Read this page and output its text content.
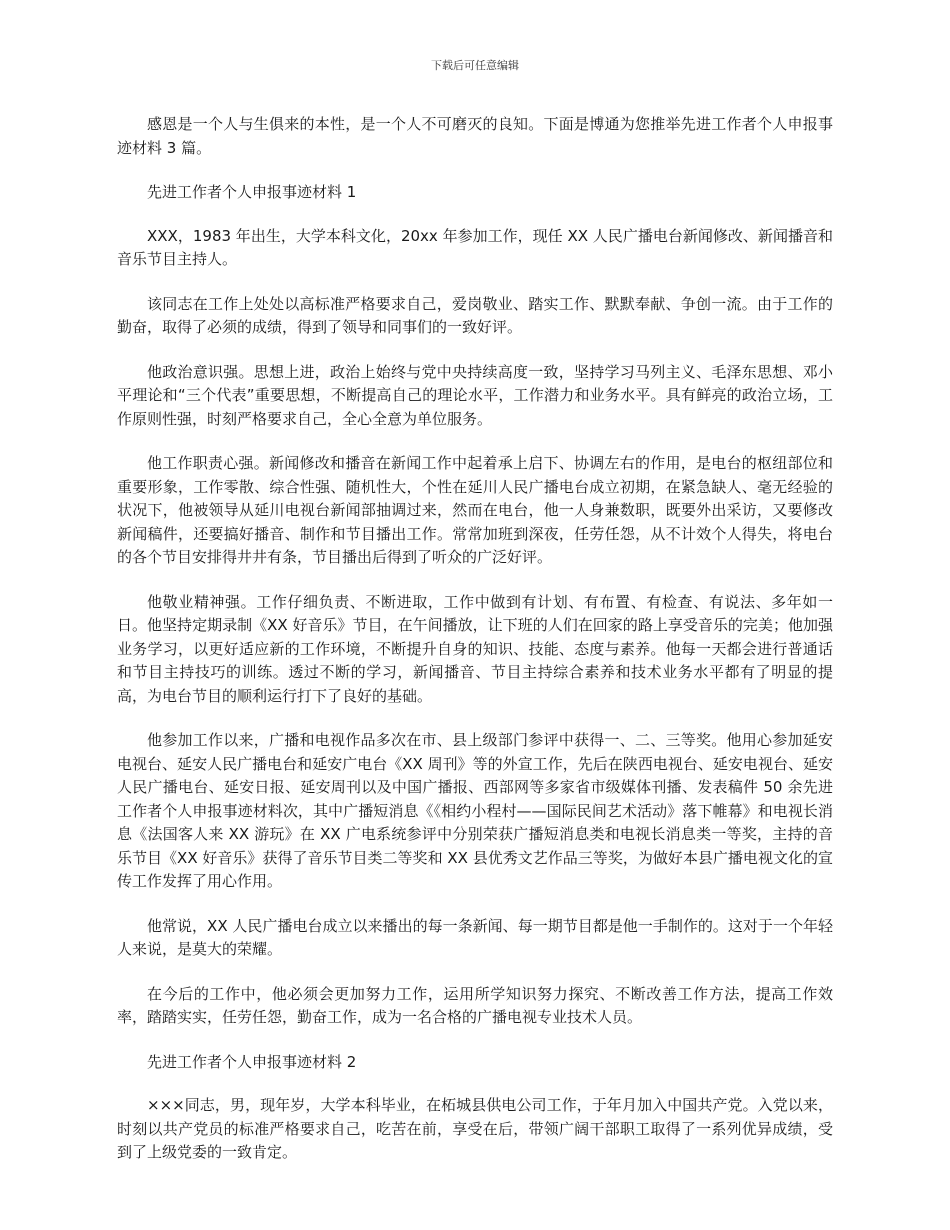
下载后可任意编辑

感恩是一个人与生俱来的本性，是一个人不可磨灭的良知。下面是博通为您推举先进工作者个人申报事迹材料 3 篇。

先进工作者个人申报事迹材料 1

XXX，1983 年出生，大学本科文化，20xx 年参加工作，现任 XX 人民广播电台新闻修改、新闻播音和音乐节目主持人。

该同志在工作上处处以高标准严格要求自己，爱岗敬业、踏实工作、默默奉献、争创一流。由于工作的勤奋，取得了必须的成绩，得到了领导和同事们的一致好评。

他政治意识强。思想上进，政治上始终与党中央持续高度一致，坚持学习马列主义、毛泽东思想、邓小平理论和“三个代表”重要思想，不断提高自己的理论水平，工作潜力和业务水平。具有鲜亮的政治立场，工作原则性强，时刻严格要求自己，全心全意为单位服务。

他工作职责心强。新闻修改和播音在新闻工作中起着承上启下、协调左右的作用，是电台的枢纽部位和重要形象，工作零散、综合性强、随机性大，个性在延川人民广播电台成立初期，在紧急缺人、毫无经验的状况下，他被领导从延川电视台新闻部抽调过来，然而在电台，他一人身兼数职，既要外出采访，又要修改新闻稿件，还要搞好播音、制作和节目播出工作。常常加班到深夜，任劳任怨，从不计效个人得失，将电台的各个节目安排得井井有条，节目播出后得到了听众的广泛好评。

他敬业精神强。工作仔细负责、不断进取，工作中做到有计划、有布置、有检查、有说法、多年如一日。他坚持定期录制《XX 好音乐》节目，在午间播放，让下班的人们在回家的路上享受音乐的完美；他加强业务学习，以更好适应新的工作环境，不断提升自身的知识、技能、态度与素养。他每一天都会进行普通话和节目主持技巧的训练。透过不断的学习，新闻播音、节目主持综合素养和技术业务水平都有了明显的提高，为电台节目的顺利运行打下了良好的基础。

他参加工作以来，广播和电视作品多次在市、县上级部门参评中获得一、二、三等奖。他用心参加延安电视台、延安人民广播电台和延安广电台《XX 周刊》等的外宣工作，先后在陕西电视台、延安电视台、延安人民广播电台、延安日报、延安周刊以及中国广播报、西部网等多家省市级媒体刊播、发表稿件 50 余先进工作者个人申报事迹材料次，其中广播短消息《《相约小程村——国际民间艺术活动》落下帷幕》和电视长消息《法国客人来 XX 游玩》在 XX 广电系统参评中分别荣获广播短消息类和电视长消息类一等奖，主持的音乐节目《XX 好音乐》获得了音乐节目类二等奖和 XX 县优秀文艺作品三等奖，为做好本县广播电视文化的宣传工作发挥了用心作用。

他常说，XX 人民广播电台成立以来播出的每一条新闻、每一期节目都是他一手制作的。这对于一个年轻人来说，是莫大的荣耀。

在今后的工作中，他必须会更加努力工作，运用所学知识努力探究、不断改善工作方法，提高工作效率，踏踏实实，任劳任怨，勤奋工作，成为一名合格的广播电视专业技术人员。

先进工作者个人申报事迹材料 2

×××同志，男，现年岁，大学本科毕业，在柘城县供电公司工作，于年月加入中国共产党。入党以来，时刻以共产党员的标准严格要求自己，吃苦在前，享受在后，带领广阔干部职工取得了一系列优异成绩，受到了上级党委的一致肯定。
